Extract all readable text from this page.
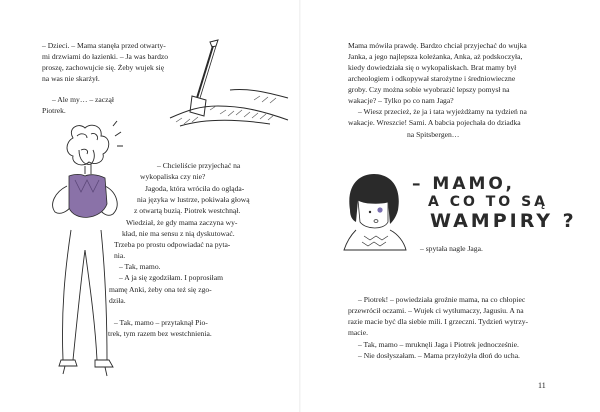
– Dzieci. – Mama stanęła przed otwarty-
mi drzwiami do łazienki. – Ja was bardzo
proszę, zachowujcie się. Żeby wujek się
na was nie skarżył.
– Ale my… – zaczął
Piotrek.
– Chcieliście przyjechać na
wykopaliska czy nie?
Jagoda, która wróciła do ogląda-
nia języka w lustrze, pokiwała głową
z otwartą buzią. Piotrek westchnął.
Wiedział, że gdy mama zaczyna wy-
kład, nie ma sensu z nią dyskutować.
Trzeba po prostu odpowiadać na pyta-
nia.
– Tak, mamo.
– A ja się zgodziłam. I poprosiłam
mamę Anki, żeby ona też się zgo-
dziła.
– Tak, mamo – przytaknął Pio-
trek, tym razem bez westchnienia.
Mama mówiła prawdę. Bardzo chciał przyjechać do wujka
Janka, a jego najlepsza koleżanka, Anka, aż podskoczyła,
kiedy dowiedziała się o wykopaliskach. Brat mamy był
archeologiem i odkopywał starożytne i średniowieczne
groby. Czy można sobie wyobrazić lepszy pomysł na
wakacje? – Tylko po co nam Jaga?
– Wiesz przecież, że ja i tata wyjeżdżamy na tydzień na
wakacje. Wreszcie! Sami. A babcia pojechała do dziadka
na Spitsbergen…
– MAMO,
A CO TO SĄ
WAMPIRY ?
– spytała nagle Jaga.
– Piotrek! – powiedziała groźnie mama, na co chłopiec
przewrócił oczami. – Wujek ci wytłumaczy, Jagusiu. A na
razie macie być dla siebie mili. I grzeczni. Tydzień wytrzy-
macie.
– Tak, mamo – mruknęli Jaga i Piotrek jednocześnie.
– Nie dosłyszałam. – Mama przyłożyła dłoń do ucha.
11
